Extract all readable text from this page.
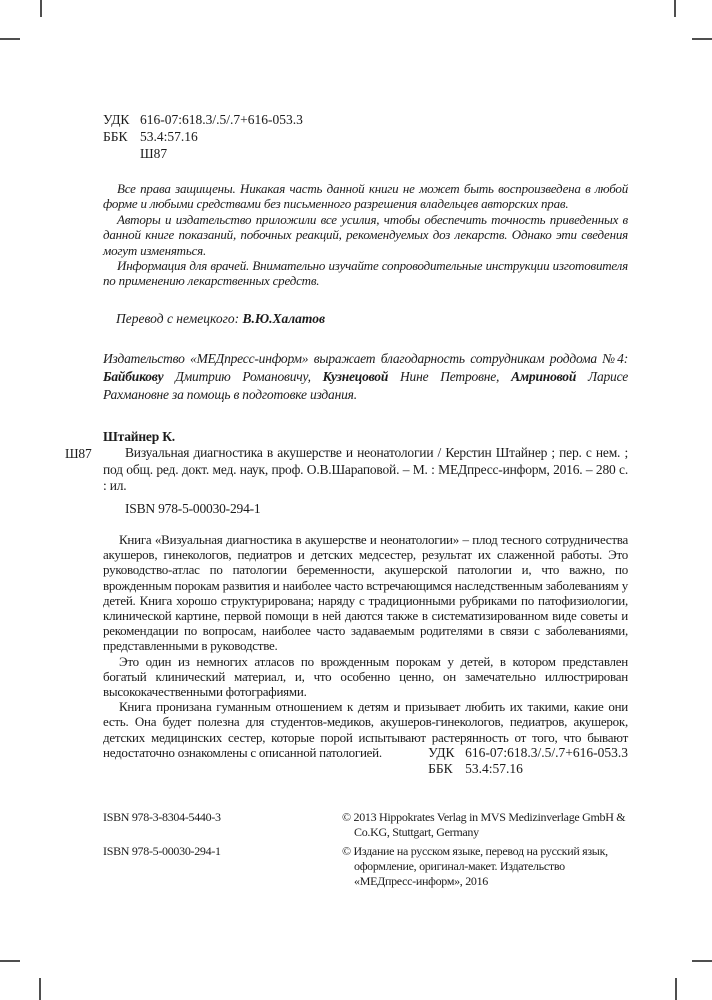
УДК 616-07:618.3/.5/.7+616-053.3
ББК 53.4:57.16
Ш87

Все права защищены. Никакая часть данной книги не может быть воспроизведена в любой форме и любыми средствами без письменного разрешения владельцев авторских прав.

Авторы и издательство приложили все усилия, чтобы обеспечить точность приведенных в данной книге показаний, побочных реакций, рекомендуемых доз лекарств. Однако эти сведения могут изменяться.

Информация для врачей. Внимательно изучайте сопроводительные инструкции изготовителя по применению лекарственных средств.

Перевод с немецкого: В.Ю.Халатов
Издательство «МЕДпресс-информ» выражает благодарность сотрудникам роддома №4: Байбикову Дмитрию Романовичу, Кузнецовой Нине Петровне, Амриновой Ларисе Рахмановне за помощь в подготовке издания.
Ш87

Штайнер К.

Визуальная диагностика в акушерстве и неонатологии / Керстин Штайнер ; пер. с нем. ; под общ. ред. докт. мед. наук, проф. О.В.Шараповой. – М. : МЕДпресс-информ, 2016. – 280 с. : ил.

ISBN 978-5-00030-294-1

Книга «Визуальная диагностика в акушерстве и неонатологии» – плод тесного сотрудничества акушеров, гинекологов, педиатров и детских медсестер, результат их слаженной работы. Это руководство-атлас по патологии беременности, акушерской патологии и, что важно, по врожденным порокам развития и наиболее часто встречающимся наследственным заболеваниям у детей. Книга хорошо структурирована; наряду с традиционными рубриками по патофизиологии, клинической картине, первой помощи в ней даются также в систематизированном виде советы и рекомендации по вопросам, наиболее часто задаваемым родителями в связи с заболеваниями, представленными в руководстве.

Это один из немногих атласов по врожденным порокам у детей, в котором представлен богатый клинический материал, и, что особенно ценно, он замечательно иллюстрирован высококачественными фотографиями.

Книга пронизана гуманным отношением к детям и призывает любить их такими, какие они есть. Она будет полезна для студентов-медиков, акушеров-гинекологов, педиатров, акушерок, детских медицинских сестер, которые порой испытывают растерянность от того, что бывают недостаточно ознакомлены с описанной патологией.	УДК 616-07:618.3/.5/.7+616-053.3
ББК 53.4:57.16
ISBN 978-3-8304-5440-3	© 2013 Hippokrates Verlag in MVS Medizinverlage GmbH & Co.KG, Stuttgart, Germany
ISBN 978-5-00030-294-1	© Издание на русском языке, перевод на русский язык, оформление, оригинал-макет. Издательство «МЕДпресс-информ», 2016
